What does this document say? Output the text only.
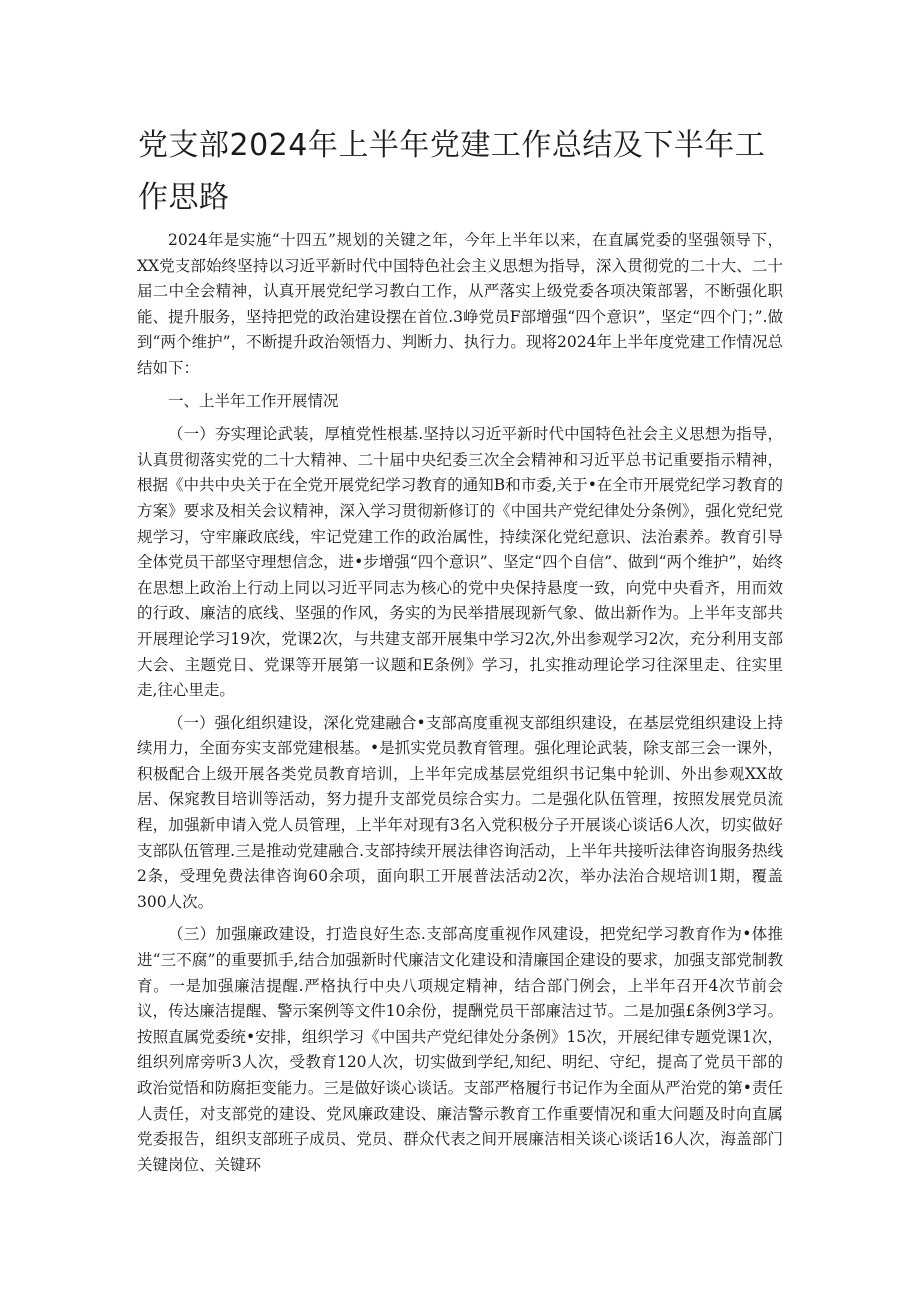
党支部2024年上半年党建工作总结及下半年工作思路

2024年是实施“十四五”规划的关键之年，今年上半年以来，在直属党委的坚强领导下，XX党支部始终坚持以习近平新时代中国特色社会主义思想为指导，深入贯彻党的二十大、二十届二中全会精神，认真开展党纪学习教白工作，从严落实上级党委各项决策部署，不断强化职能、提升服务，坚持把党的政治建设摆在首位.3峥党员F部增强“四个意识”，坚定“四个门；”.做到“两个维护”，不断提升政治领悟力、判断力、执行力。现将2024年上半年度党建工作情况总结如下：

一、上半年工作开展情况

（一）夯实理论武装，厚植党性根基.坚持以习近平新时代中国特色社会主义思想为指导，认真贯彻落实党的二十大精神、二十届中央纪委三次全会精神和习近平总书记重要指示精神，根据《中共中央关于在全党开展党纪学习教育的通知B和市委,关于•在全市开展党纪学习教育的方案》要求及相关会议精神，深入学习贯彻新修订的《中国共产党纪律处分条例》，强化党纪党规学习，守牢廉政底线，牢记党建工作的政治属性，持续深化党纪意识、法治素养。教育引导全体党员干部坚守理想信念，进•步增强“四个意识”、坚定“四个自信”、做到“两个维护”，始终在思想上政治上行动上同以习近平同志为核心的党中央保持悬度一致，向党中央看齐，用而效的行政、廉洁的底线、坚强的作风，务实的为民举措展现新气象、做出新作为。上半年支部共开展理论学习19次，党课2次，与共建支部开展集中学习2次,外出参观学习2次，充分利用支部大会、主题党日、党课等开展第一议题和E条例》学习，扎实推动理论学习往深里走、往实里走,往心里走。

（一）强化组织建设，深化党建融合•支部高度重视支部组织建设，在基层党组织建设上持续用力，全面夯实支部党建根基。•是抓实党员教育管理。强化理论武装，除支部三会一课外，积极配合上级开展各类党员教育培训，上半年完成基层党组织书记集中轮训、外出参观XX故居、保窕教目培训等活动，努力提升支部党员综合实力。二是强化队伍管理，按照发展党员流程，加强新申请入党人员管理，上半年对现有3名入党积极分子开展谈心谈话6人次，切实做好支部队伍管理.三是推动党建融合.支部持续开展法律咨询活动，上半年共接听法律咨询服务热线2条，受理免费法律咨询60余项，面向职工开展普法活动2次，举办法治合规培训1期，覆盖300人次。

（三）加强廉政建设，打造良好生态.支部高度重视作风建设，把党纪学习教育作为•体推进“三不腐”的重要抓手,结合加强新时代廉洁文化建设和清廉国企建设的要求，加强支部党制教育。一是加强廉洁提醒.严格执行中央八项规定精神，结合部门例会，上半年召开4次节前会议，传达廉洁提醒、警示案例等文件10余份，提酬党员干部廉洁过节。二是加强£条例3学习。按照直属党委统•安排，组织学习《中国共产党纪律处分条例》15次，开展纪律专题党课1次，组织列席旁听3人次，受教育120人次，切实做到学纪,知纪、明纪、守纪，提高了党员干部的政治觉悟和防腐拒变能力。三是做好谈心谈话。支部严格履行书记作为全面从严治党的第•责任人责任，对支部党的建设、党风廉政建设、廉洁警示教育工作重要情况和重大问题及时向直属党委报告，组织支部班子成员、党员、群众代表之间开展廉洁相关谈心谈话16人次，海盖部门关键岗位、关键环
